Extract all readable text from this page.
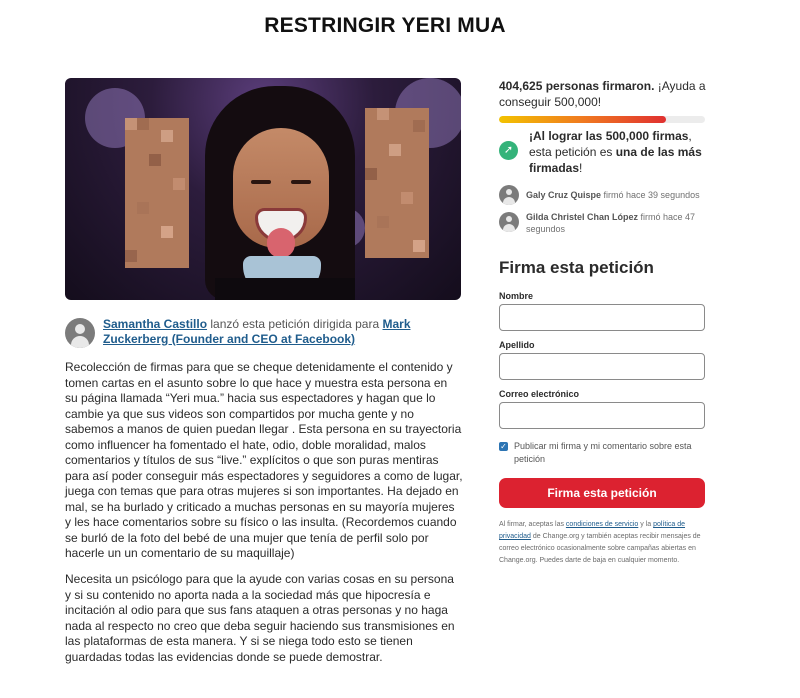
RESTRINGIR YERI MUA
Samantha Castillo lanzó esta petición dirigida para Mark Zuckerberg (Founder and CEO at Facebook)

Recolección de firmas para que se cheque detenidamente el contenido y tomen cartas en el asunto sobre lo que hace y muestra esta persona en su página llamada “Yeri mua.” hacia sus espectadores y hagan que lo cambie ya que sus videos son compartidos por mucha gente y no sabemos a manos de quien puedan llegar . Esta persona en su trayectoria como influencer ha fomentado el hate, odio, doble moralidad, malos comentarios y títulos de sus “live.” explícitos o que son puras mentiras para así poder conseguir más espectadores y seguidores a como de lugar, juega con temas que para otras mujeres si son importantes. Ha dejado en mal, se ha burlado y criticado a muchas personas en su mayoría mujeres y les hace comentarios sobre su físico o las insulta. (Recordemos cuando se burló de la foto del bebé de una mujer que tenía de perfil solo por hacerle un un comentario de su maquillaje)

Necesita un psicólogo para que la ayude con varias cosas en su persona y si su contenido no aporta nada a la sociedad más que hipocresía e incitación al odio para que sus fans ataquen a otras personas y no haga nada al respecto no creo que deba seguir haciendo sus transmisiones en las plataformas de esta manera. Y si se niega todo esto se tienen guardadas todas las evidencias donde se puede demostrar.

404,625 personas firmaron. ¡Ayuda a conseguir 500,000!
➚
¡Al lograr las 500,000 firmas, esta petición es una de las más firmadas!
Galy Cruz Quispe firmó hace 39 segundos
Gilda Christel Chan López firmó hace 47 segundos
Firma esta petición
Nombre
Apellido
Correo electrónico
✓ Publicar mi firma y mi comentario sobre esta petición
Firma esta petición

Al firmar, aceptas las condiciones de servicio y la política de privacidad de Change.org y también aceptas recibir mensajes de correo electrónico ocasionalmente sobre campañas abiertas en Change.org. Puedes darte de baja en cualquier momento.
